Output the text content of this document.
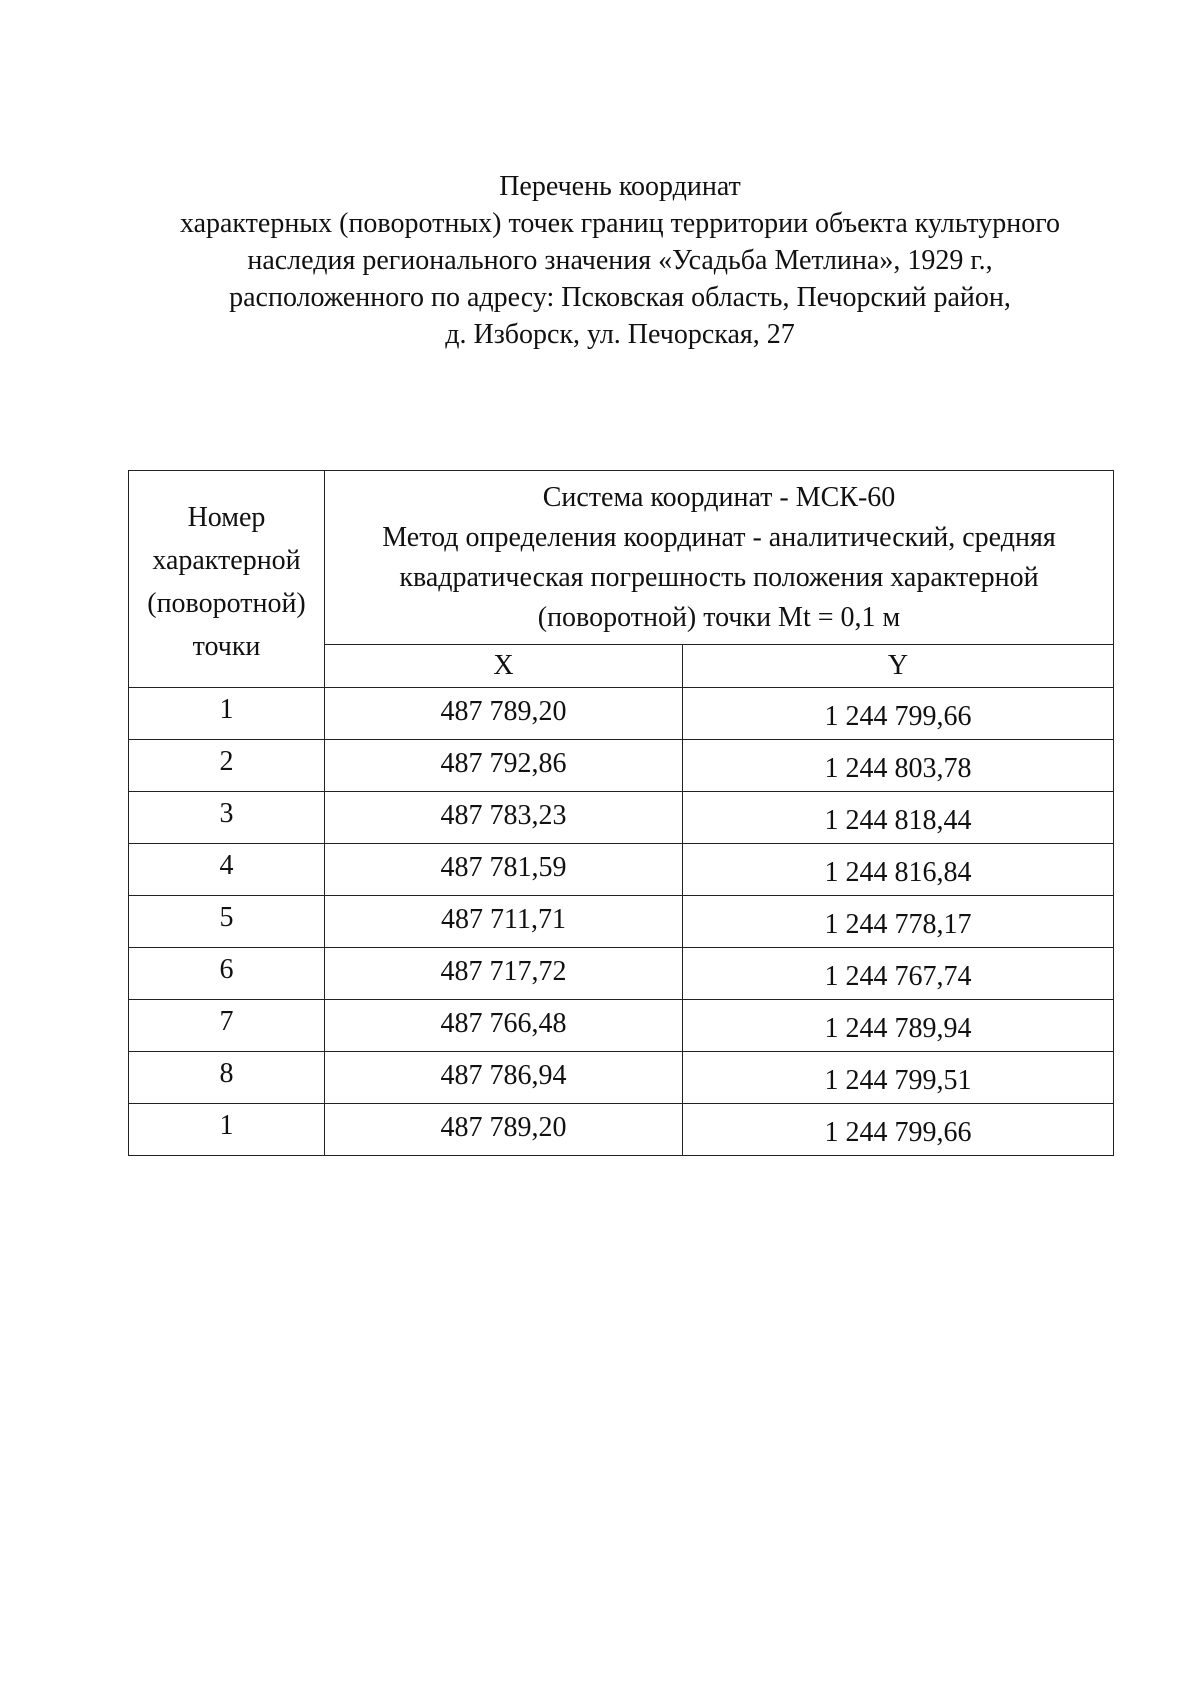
Перечень координат
характерных (поворотных) точек границ территории объекта культурного
наследия регионального значения «Усадьба Метлина», 1929 г.,
расположенного по адресу: Псковская область, Печорский район,
д. Изборск, ул. Печорская, 27
Номер
характерной
(поворотной)
точки	Система координат - МСК-60
Метод определения координат - аналитический, средняя
квадратическая погрешность положения характерной
(поворотной) точки Mt = 0,1 м	

	X	Y
1	487 789,20	1 244 799,66
2	487 792,86	1 244 803,78
3	487 783,23	1 244 818,44
4	487 781,59	1 244 816,84
5	487 711,71	1 244 778,17
6	487 717,72	1 244 767,74
7	487 766,48	1 244 789,94
8	487 786,94	1 244 799,51
1	487 789,20	1 244 799,66
